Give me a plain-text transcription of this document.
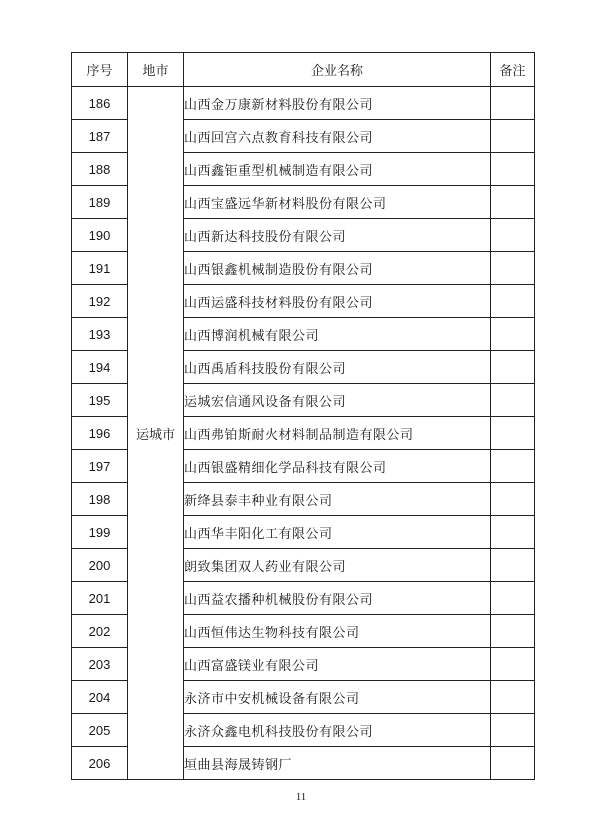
序号	地市	企业名称	备注
186	运城市	山西金万康新材料股份有限公司	
187		山西回宫六点教育科技有限公司	
188		山西鑫钜重型机械制造有限公司	
189		山西宝盛远华新材料股份有限公司	
190		山西新达科技股份有限公司	
191		山西银鑫机械制造股份有限公司	
192		山西运盛科技材料股份有限公司	
193		山西博润机械有限公司	
194		山西禹盾科技股份有限公司	
195		运城宏信通风设备有限公司	
196		山西弗铂斯耐火材料制品制造有限公司	
197		山西银盛精细化学品科技有限公司	
198		新绛县泰丰种业有限公司	
199		山西华丰阳化工有限公司	
200		朗致集团双人药业有限公司	
201		山西益农播种机械股份有限公司	
202		山西恒伟达生物科技有限公司	
203		山西富盛镁业有限公司	
204		永济市中安机械设备有限公司	
205		永济众鑫电机科技股份有限公司	
206		垣曲县海晟铸钢厂	
11
